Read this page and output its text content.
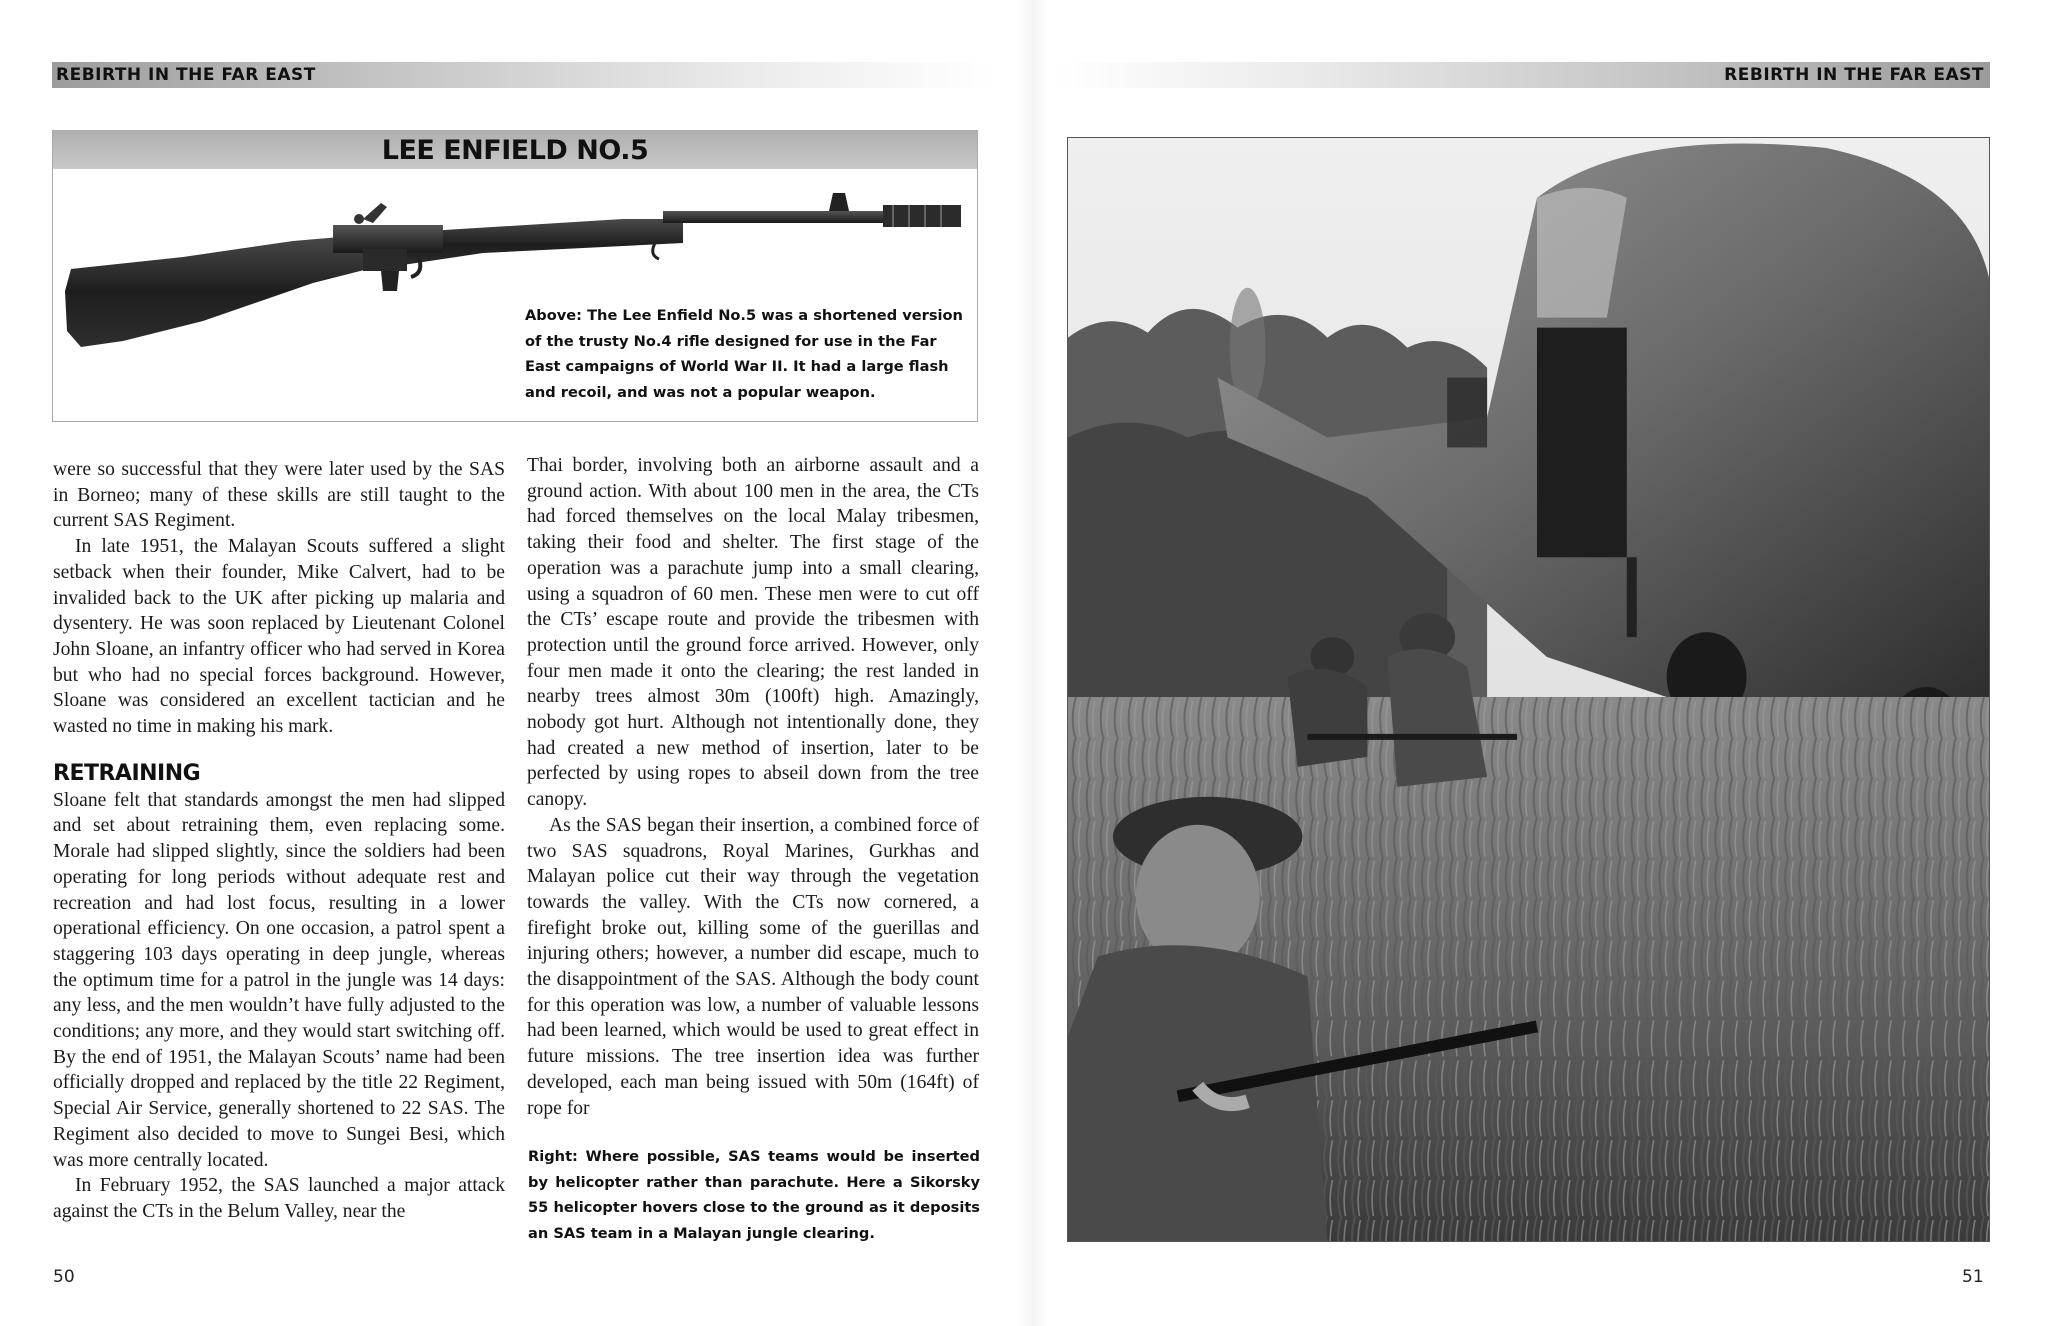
REBIRTH IN THE FAR EAST	REBIRTH IN THE FAR EAST
LEE ENFIELD NO.5
Above: The Lee Enfield No.5 was a shortened version of the trusty No.4 rifle designed for use in the Far East campaigns of World War II. It had a large flash and recoil, and was not a popular weapon.

were so successful that they were later used by the SAS in Borneo; many of these skills are still taught to the current SAS Regiment.

In late 1951, the Malayan Scouts suffered a slight setback when their founder, Mike Calvert, had to be invalided back to the UK after picking up malaria and dysentery. He was soon replaced by Lieutenant Colonel John Sloane, an infantry officer who had served in Korea but who had no special forces background. However, Sloane was considered an excellent tactician and he wasted no time in making his mark.

RETRAINING

Sloane felt that standards amongst the men had slipped and set about retraining them, even replacing some. Morale had slipped slightly, since the soldiers had been operating for long periods without adequate rest and recreation and had lost focus, resulting in a lower operational efficiency. On one occasion, a patrol spent a staggering 103 days operating in deep jungle, whereas the optimum time for a patrol in the jungle was 14 days: any less, and the men wouldn’t have fully adjusted to the conditions; any more, and they would start switching off. By the end of 1951, the Malayan Scouts’ name had been officially dropped and replaced by the title 22 Regiment, Special Air Service, generally shortened to 22 SAS. The Regiment also decided to move to Sungei Besi, which was more centrally located.

In February 1952, the SAS launched a major attack against the CTs in the Belum Valley, near the

Thai border, involving both an airborne assault and a ground action. With about 100 men in the area, the CTs had forced themselves on the local Malay tribesmen, taking their food and shelter. The first stage of the operation was a parachute jump into a small clearing, using a squadron of 60 men. These men were to cut off the CTs’ escape route and provide the tribesmen with protection until the ground force arrived. However, only four men made it onto the clearing; the rest landed in nearby trees almost 30m (100ft) high. Amazingly, nobody got hurt. Although not intentionally done, they had created a new method of insertion, later to be perfected by using ropes to abseil down from the tree canopy.

As the SAS began their insertion, a combined force of two SAS squadrons, Royal Marines, Gurkhas and Malayan police cut their way through the vegetation towards the valley. With the CTs now cornered, a firefight broke out, killing some of the guerillas and injuring others; however, a number did escape, much to the disappointment of the SAS. Although the body count for this operation was low, a number of valuable lessons had been learned, which would be used to great effect in future missions. The tree insertion idea was further developed, each man being issued with 50m (164ft) of rope for

Right: Where possible, SAS teams would be inserted by helicopter rather than parachute. Here a Sikorsky 55 helicopter hovers close to the ground as it deposits an SAS team in a Malayan jungle clearing.
50	51
